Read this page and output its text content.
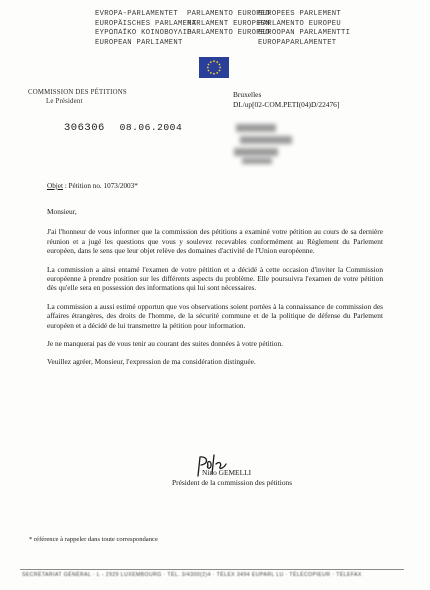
EVROPA-PARLAMENTET
EUROPÄISCHES PARLAMENT
ΕΥΡΩΠΑΪΚΟ ΚΟΙΝΟΒΟΥΛΙΟ
EUROPEAN PARLIAMENT
PARLAMENTO EUROPEO
PARLAMENT EUROPEEN
PARLAMENTO EUROPEO
EUROPEES PARLEMENT
PARLAMENTO EUROPEU
EUROOPAN PARLAMENTTI
EUROPAPARLAMENTET
COMMISSION DES PÉTITIONS
Le Président
Bruxelles
DI./up[02-COM.PETI(04)D/22476]
306306 08.06.2004
Objet : Pétition no. 1073/2003*

Monsieur,

J'ai l'honneur de vous informer que la commission des pétitions a examiné votre pétition au cours de sa dernière réunion et a jugé les questions que vous y soulevez recevables conformément au Règlement du Parlement européen, dans le sens que leur objet relève des domaines d'activité de l'Union européenne.

La commission a ainsi entamé l'examen de votre pétition et a décidé à cette occasion d'inviter la Commission européenne à prendre position sur les différents aspects du problème. Elle poursuivra l'examen de votre pétition dès qu'elle sera en possession des informations qui lui sont nécessaires.

La commission a aussi estimé opportun que vos observations soient portées à la connaissance de commission des affaires étrangères, des droits de l'homme, de la sécurité commune et de la politique de défense du Parlement européen et a décidé de lui transmettre la pétition pour information.

Je ne manquerai pas de vous tenir au courant des suites données à votre pétition.

Veuillez agréer, Monsieur, l'expression de ma considération distinguée.

Nino GEMELLI
Président de la commission des pétitions
* référence à rappeler dans toute correspondance
SECRÉTARIAT GÉNÉRAL · L - 2929 LUXEMBOURG · TÉL. 3/4300(2)4 · TÉLEX 3494 EUPARL LU · TÉLÉCOPIEUR · TÉLEFAX
